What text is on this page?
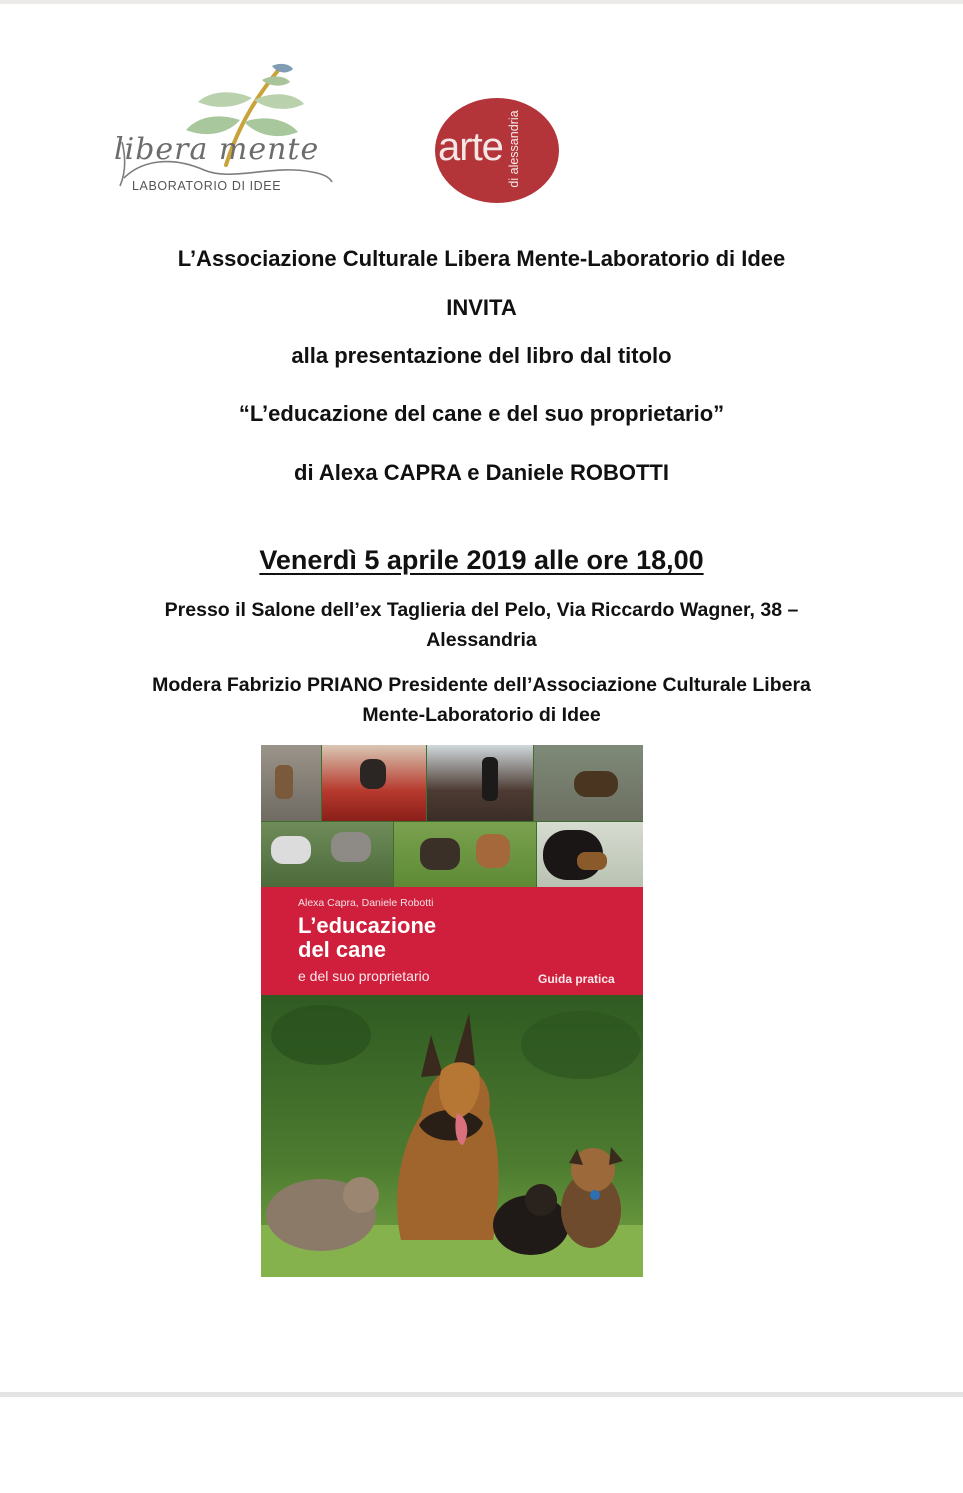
libera mente
LABORATORIO DI IDEE
arte di alessandria
L’Associazione Culturale Libera Mente-Laboratorio di Idee
INVITA
alla presentazione del libro dal titolo
“L’educazione del cane e del suo proprietario”
di Alexa CAPRA e Daniele ROBOTTI
Venerdì 5 aprile 2019 alle ore 18,00
Presso il Salone dell’ex Taglieria del Pelo, Via Riccardo Wagner, 38 –
Alessandria
Modera Fabrizio PRIANO Presidente dell’Associazione Culturale Libera
Mente-Laboratorio di Idee
Alexa Capra, Daniele Robotti
L’educazione
del cane
e del suo proprietario	Guida pratica
edagricole
